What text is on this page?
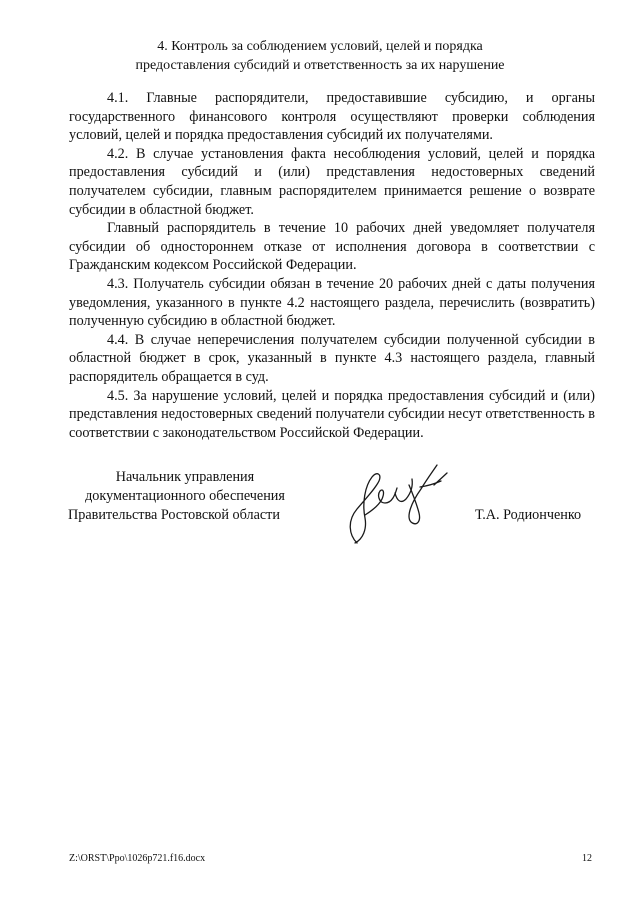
4. Контроль за соблюдением условий, целей и порядка
предоставления субсидий и ответственность за их нарушение

4.1. Главные распорядители, предоставившие субсидию, и органы государственного финансового контроля осуществляют проверки соблюдения условий, целей и порядка предоставления субсидий их получателями.

4.2. В случае установления факта несоблюдения условий, целей и порядка предоставления субсидий и (или) представления недостоверных сведений получателем субсидии, главным распорядителем принимается решение о возврате субсидии в областной бюджет.

Главный распорядитель в течение 10 рабочих дней уведомляет получателя субсидии об одностороннем отказе от исполнения договора в соответствии с Гражданским кодексом Российской Федерации.

4.3. Получатель субсидии обязан в течение 20 рабочих дней с даты получения уведомления, указанного в пункте 4.2 настоящего раздела, перечислить (возвратить) полученную субсидию в областной бюджет.

4.4. В случае неперечисления получателем субсидии полученной субсидии в областной бюджет в срок, указанный в пункте 4.3 настоящего раздела, главный распорядитель обращается в суд.

4.5. За нарушение условий, целей и порядка предоставления субсидий и (или) представления недостоверных сведений получатели субсидии несут ответственность в соответствии с законодательством Российской Федерации.

Начальник управления
документационного обеспечения
Правительства Ростовской области	Т.А. Родионченко
Z:\ORST\Ppo\1026p721.f16.docx	12
